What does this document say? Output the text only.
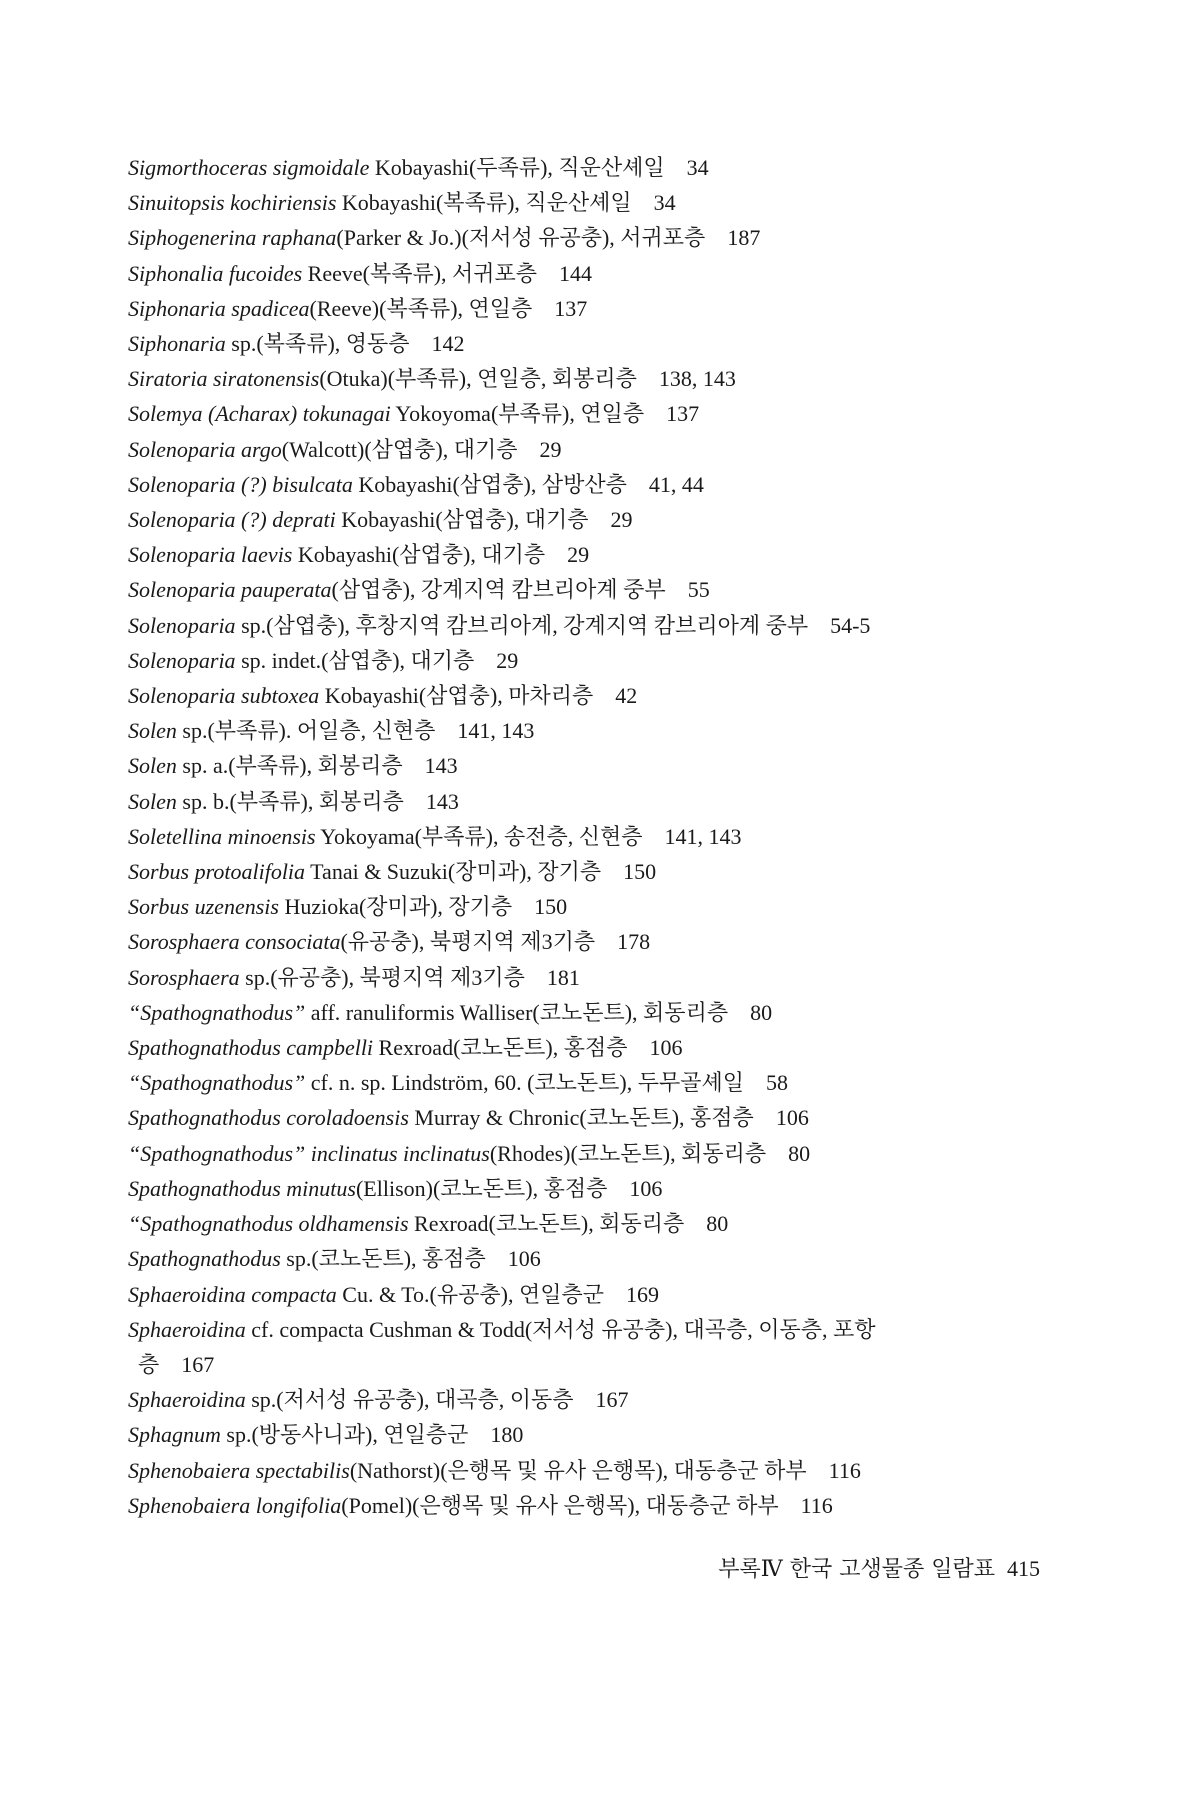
Sigmorthoceras sigmoidale Kobayashi(두족류), 직운산셰일 34
Sinuitopsis kochiriensis Kobayashi(복족류), 직운산셰일 34
Siphogenerina raphana(Parker & Jo.)(저서성 유공충), 서귀포층 187
Siphonalia fucoides Reeve(복족류), 서귀포층 144
Siphonaria spadicea(Reeve)(복족류), 연일층 137
Siphonaria sp.(복족류), 영동층 142
Siratoria siratonensis(Otuka)(부족류), 연일층, 회봉리층 138, 143
Solemya (Acharax) tokunagai Yokoyoma(부족류), 연일층 137
Solenoparia argo(Walcott)(삼엽충), 대기층 29
Solenoparia (?) bisulcata Kobayashi(삼엽충), 삼방산층 41, 44
Solenoparia (?) deprati Kobayashi(삼엽충), 대기층 29
Solenoparia laevis Kobayashi(삼엽충), 대기층 29
Solenoparia pauperata(삼엽충), 강계지역 캄브리아계 중부 55
Solenoparia sp.(삼엽충), 후창지역 캄브리아계, 강계지역 캄브리아계 중부 54-5
Solenoparia sp. indet.(삼엽충), 대기층 29
Solenoparia subtoxea Kobayashi(삼엽충), 마차리층 42
Solen sp.(부족류). 어일층, 신현층 141, 143
Solen sp. a.(부족류), 회봉리층 143
Solen sp. b.(부족류), 회봉리층 143
Soletellina minoensis Yokoyama(부족류), 송전층, 신현층 141, 143
Sorbus protoalifolia Tanai & Suzuki(장미과), 장기층 150
Sorbus uzenensis Huzioka(장미과), 장기층 150
Sorosphaera consociata(유공충), 북평지역 제3기층 178
Sorosphaera sp.(유공충), 북평지역 제3기층 181
“Spathognathodus” aff. ranuliformis Walliser(코노돈트), 회동리층 80
Spathognathodus campbelli Rexroad(코노돈트), 홍점층 106
“Spathognathodus” cf. n. sp. Lindström, 60. (코노돈트), 두무골셰일 58
Spathognathodus coroladoensis Murray & Chronic(코노돈트), 홍점층 106
“Spathognathodus” inclinatus inclinatus(Rhodes)(코노돈트), 회동리층 80
Spathognathodus minutus(Ellison)(코노돈트), 홍점층 106
“Spathognathodus oldhamensis Rexroad(코노돈트), 회동리층 80
Spathognathodus sp.(코노돈트), 홍점층 106
Sphaeroidina compacta Cu. & To.(유공충), 연일층군 169
Sphaeroidina cf. compacta Cushman & Todd(저서성 유공충), 대곡층, 이동층, 포항
층 167
Sphaeroidina sp.(저서성 유공충), 대곡층, 이동층 167
Sphagnum sp.(방동사니과), 연일층군 180
Sphenobaiera spectabilis(Nathorst)(은행목 및 유사 은행목), 대동층군 하부 116
Sphenobaiera longifolia(Pomel)(은행목 및 유사 은행목), 대동층군 하부 116
부록Ⅳ 한국 고생물종 일람표 415
